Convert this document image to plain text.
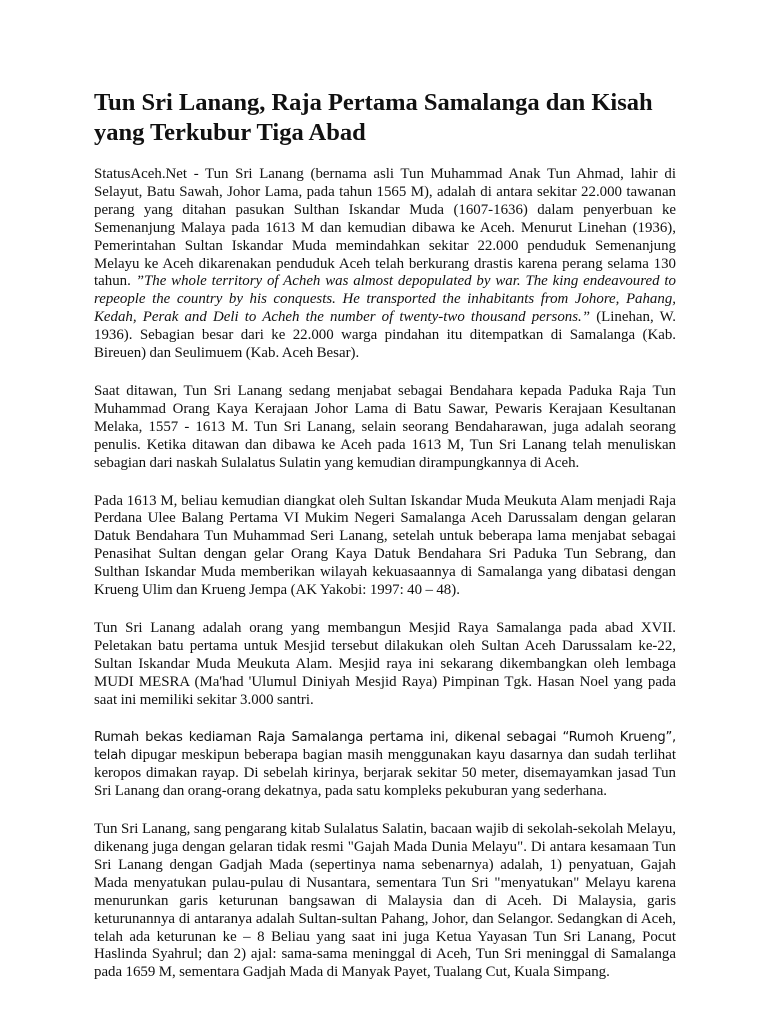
Tun Sri Lanang, Raja Pertama Samalanga dan Kisah yang Terkubur Tiga Abad

StatusAceh.Net - Tun Sri Lanang (bernama asli Tun Muhammad Anak Tun Ahmad, lahir di Selayut, Batu Sawah, Johor Lama, pada tahun 1565 M), adalah di antara sekitar 22.000 tawanan perang yang ditahan pasukan Sulthan Iskandar Muda (1607-1636) dalam penyerbuan ke Semenanjung Malaya pada 1613 M dan kemudian dibawa ke Aceh. Menurut Linehan (1936), Pemerintahan Sultan Iskandar Muda memindahkan sekitar 22.000 penduduk Semenanjung Melayu ke Aceh dikarenakan penduduk Aceh telah berkurang drastis karena perang selama 130 tahun. ”The whole territory of Acheh was almost depopulated by war. The king endeavoured to repeople the country by his conquests. He transported the inhabitants from Johore, Pahang, Kedah, Perak and Deli to Acheh the number of twenty-two thousand persons.” (Linehan, W. 1936). Sebagian besar dari ke 22.000 warga pindahan itu ditempatkan di Samalanga (Kab. Bireuen) dan Seulimuem (Kab. Aceh Besar).

Saat ditawan, Tun Sri Lanang sedang menjabat sebagai Bendahara kepada Paduka Raja Tun Muhammad Orang Kaya Kerajaan Johor Lama di Batu Sawar, Pewaris Kerajaan Kesultanan Melaka, 1557 - 1613 M. Tun Sri Lanang, selain seorang Bendaharawan, juga adalah seorang penulis. Ketika ditawan dan dibawa ke Aceh pada 1613 M, Tun Sri Lanang telah menuliskan sebagian dari naskah Sulalatus Sulatin yang kemudian dirampungkannya di Aceh.

Pada 1613 M, beliau kemudian diangkat oleh Sultan Iskandar Muda Meukuta Alam menjadi Raja Perdana Ulee Balang Pertama VI Mukim Negeri Samalanga Aceh Darussalam dengan gelaran Datuk Bendahara Tun Muhammad Seri Lanang, setelah untuk beberapa lama menjabat sebagai Penasihat Sultan dengan gelar Orang Kaya Datuk Bendahara Sri Paduka Tun Sebrang, dan Sulthan Iskandar Muda memberikan wilayah kekuasaannya di Samalanga yang dibatasi dengan Krueng Ulim dan Krueng Jempa (AK Yakobi: 1997: 40 – 48).

Tun Sri Lanang adalah orang yang membangun Mesjid Raya Samalanga pada abad XVII. Peletakan batu pertama untuk Mesjid tersebut dilakukan oleh Sultan Aceh Darussalam ke-22, Sultan Iskandar Muda Meukuta Alam. Mesjid raya ini sekarang dikembangkan oleh lembaga MUDI MESRA (Ma'had 'Ulumul Diniyah Mesjid Raya) Pimpinan Tgk. Hasan Noel yang pada saat ini memiliki sekitar 3.000 santri.

Rumah bekas kediaman Raja Samalanga pertama ini, dikenal sebagai “Rumoh Krueng”, telah dipugar meskipun beberapa bagian masih menggunakan kayu dasarnya dan sudah terlihat keropos dimakan rayap. Di sebelah kirinya, berjarak sekitar 50 meter, disemayamkan jasad Tun Sri Lanang dan orang-orang dekatnya, pada satu kompleks pekuburan yang sederhana.

Tun Sri Lanang, sang pengarang kitab Sulalatus Salatin, bacaan wajib di sekolah-sekolah Melayu, dikenang juga dengan gelaran tidak resmi "Gajah Mada Dunia Melayu". Di antara kesamaan Tun Sri Lanang dengan Gadjah Mada (sepertinya nama sebenarnya) adalah, 1) penyatuan, Gajah Mada menyatukan pulau-pulau di Nusantara, sementara Tun Sri "menyatukan" Melayu karena menurunkan garis keturunan bangsawan di Malaysia dan di Aceh. Di Malaysia, garis keturunannya di antaranya adalah Sultan-sultan Pahang, Johor, dan Selangor. Sedangkan di Aceh, telah ada keturunan ke – 8 Beliau yang saat ini juga Ketua Yayasan Tun Sri Lanang, Pocut Haslinda Syahrul; dan 2) ajal: sama-sama meninggal di Aceh, Tun Sri meninggal di Samalanga pada 1659 M, sementara Gadjah Mada di Manyak Payet, Tualang Cut, Kuala Simpang.
